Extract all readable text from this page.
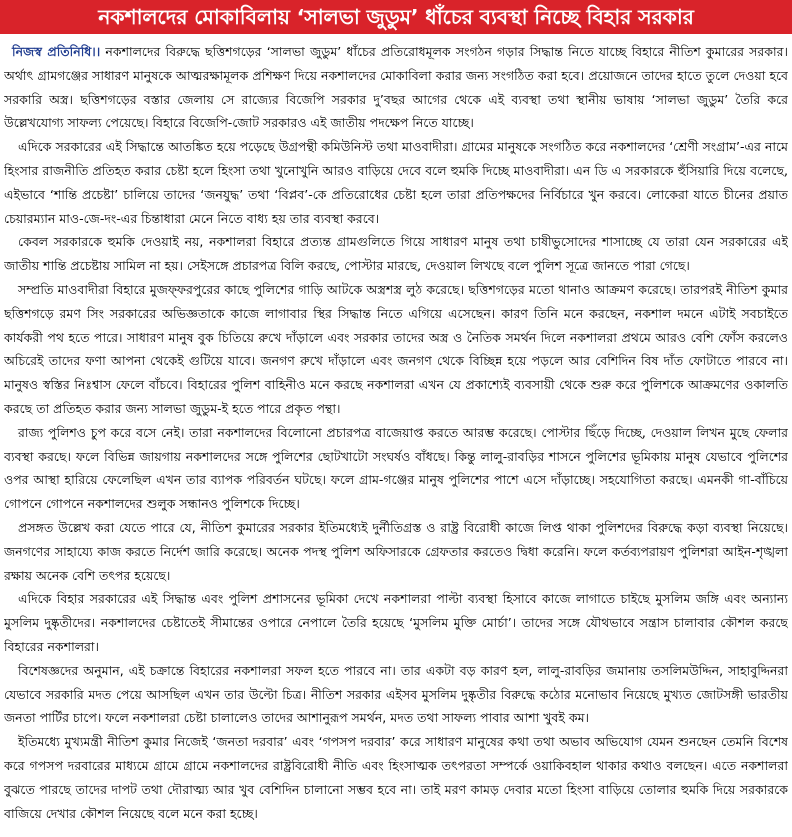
নকশালদের মোকাবিলায় ‘সালভা জুডুম’ ধাঁচের ব্যবস্থা নিচ্ছে বিহার সরকার

নিজস্ব প্রতিনিধি।। নকশালদের বিরুদ্ধে ছত্তিশগড়ের ‘সালভা জুডুম’ ধাঁচের প্রতিরোধমূলক সংগঠন গড়ার সিদ্ধান্ত নিতে যাচ্ছে বিহারে নীতিশ কুমারের সরকার। অর্থাৎ গ্রামগঞ্জের সাধারণ মানুষকে আত্মরক্ষামূলক প্রশিক্ষণ দিয়ে নকশালদের মোকাবিলা করার জন্য সংগঠিত করা হবে। প্রয়োজনে তাদের হাতে তুলে দেওয়া হবে সরকারি অস্ত্র। ছত্তিশগড়ের বস্তার জেলায় সে রাজ্যের বিজেপি সরকার দু’বছর আগের থেকে এই ব্যবস্থা তথা স্থানীয় ভাষায় ‘সালভা জুডুম’ তৈরি করে উল্লেখযোগ্য সাফল্য পেয়েছে। বিহারে বিজেপি-জোট সরকারও এই জাতীয় পদক্ষেপ নিতে যাচ্ছে।

এদিকে সরকারের এই সিদ্ধান্তে আতঙ্কিত হয়ে পড়েছে উগ্রপন্থী কমিউনিস্ট তথা মাওবাদীরা। গ্রামের মানুষকে সংগঠিত করে নকশালদের ‘শ্রেণী সংগ্রাম’-এর নামে হিংসার রাজনীতি প্রতিহত করার চেষ্টা হলে হিংসা তথা খুনোখুনি আরও বাড়িয়ে দেবে বলে হুমকি দিচ্ছে মাওবাদীরা। এন ডি এ সরকারকে হুঁসিয়ারি দিয়ে বলেছে, এইভাবে ‘শান্তি প্রচেষ্টা’ চালিয়ে তাদের ‘জনযুদ্ধ’ তথা ‘বিপ্লব’-কে প্রতিরোধের চেষ্টা হলে তারা প্রতিপক্ষদের নির্বিচারে খুন করবে। লোকেরা যাতে চীনের প্রয়াত চেয়ারম্যান মাও-জে-দং-এর চিন্তাধারা মেনে নিতে বাধ্য হয় তার ব্যবস্থা করবে।

কেবল সরকারকে হুমকি দেওয়াই নয়, নকশালরা বিহারে প্রত্যন্ত গ্রামগুলিতে গিয়ে সাধারণ মানুষ তথা চাষীভুসোদের শাসাচ্ছে যে তারা যেন সরকারের এই জাতীয় শান্তি প্রচেষ্টায় সামিল না হয়। সেইসঙ্গে প্রচারপত্র বিলি করছে, পোস্টার মারছে, দেওয়াল লিখছে বলে পুলিশ সূত্রে জানতে পারা গেছে।

সম্প্রতি মাওবাদীরা বিহারে মুজফ্ফরপুরের কাছে পুলিশের গাড়ি আটকে অস্ত্রশস্ত্র লুঠ করেছে। ছত্তিশগড়ের মতো থানাও আক্রমণ করেছে। তারপরই নীতিশ কুমার ছত্তিশগড়ে রমণ সিং সরকারের অভিজ্ঞতাকে কাজে লাগাবার স্থির সিদ্ধান্ত নিতে এগিয়ে এসেছেন। কারণ তিনি মনে করছেন, নকশাল দমনে এটাই সবচাইতে কার্যকরী পথ হতে পারে। সাধারণ মানুষ বুক চিতিয়ে রুখে দাঁড়ালে এবং সরকার তাদের অস্ত্র ও নৈতিক সমর্থন দিলে নকশালরা প্রথমে আরও বেশি ফোঁস করলেও অচিরেই তাদের ফণা আপনা থেকেই গুটিয়ে যাবে। জনগণ রুখে দাঁড়ালে এবং জনগণ থেকে বিচ্ছিন্ন হয়ে পড়লে আর বেশিদিন বিষ দাঁত ফোটাতে পারবে না। মানুষও স্বস্তির নিঃশ্বাস ফেলে বাঁচবে। বিহারের পুলিশ বাহিনীও মনে করছে নকশালরা এখন যে প্রকাশ্যেই ব্যবসায়ী থেকে শুরু করে পুলিশকে আক্রমণের ওকালতি করছে তা প্রতিহত করার জন্য সালভা জুডুম-ই হতে পারে প্রকৃত পন্থা।

রাজ্য পুলিশও চুপ করে বসে নেই। তারা নকশালদের বিলোনো প্রচারপত্র বাজেয়াপ্ত করতে আরম্ভ করেছে। পোস্টার ছিঁড়ে দিচ্ছে, দেওয়াল লিখন মুছে ফেলার ব্যবস্থা করছে। ফলে বিভিন্ন জায়গায় নকশালদের সঙ্গে পুলিশের ছোটখাটো সংঘর্ষও বাঁধছে। কিন্তু লালু-রাবড়ির শাসনে পুলিশের ভূমিকায় মানুষ যেভাবে পুলিশের ওপর আস্থা হারিয়ে ফেলেছিল এখন তার ব্যাপক পরিবর্তন ঘটছে। ফলে গ্রাম-গঞ্জের মানুষ পুলিশের পাশে এসে দাঁড়াচ্ছে। সহযোগিতা করছে। এমনকী গা-বাঁচিয়ে গোপনে গোপনে নকশালদের শুলুক সন্ধানও পুলিশকে দিচ্ছে।

প্রসঙ্গত উল্লেখ করা যেতে পারে যে, নীতিশ কুমারের সরকার ইতিমধ্যেই দুর্নীতিগ্রস্ত ও রাষ্ট্র বিরোধী কাজে লিপ্ত থাকা পুলিশদের বিরুদ্ধে কড়া ব্যবস্থা নিয়েছে। জনগণের সাহায্যে কাজ করতে নির্দেশ জারি করেছে। অনেক পদস্থ পুলিশ অফিসারকে গ্রেফতার করতেও দ্বিধা করেনি। ফলে কর্তব্যপরায়ণ পুলিশরা আইন-শৃঙ্খলা রক্ষায় অনেক বেশি তৎপর হয়েছে।

এদিকে বিহার সরকারের এই সিদ্ধান্ত এবং পুলিশ প্রশাসনের ভূমিকা দেখে নকশালরা পাল্টা ব্যবস্থা হিসাবে কাজে লাগাতে চাইছে মুসলিম জঙ্গি এবং অন্যান্য মুসলিম দুষ্কৃতীদের। নকশালদের চেষ্টাতেই সীমান্তের ওপারে নেপালে তৈরি হয়েছে ‘মুসলিম মুক্তি মোর্চা’। তাদের সঙ্গে যৌথভাবে সন্ত্রাস চালাবার কৌশল করছে বিহারের নকশালরা।

বিশেষজ্ঞদের অনুমান, এই চক্রান্তে বিহারের নকশালরা সফল হতে পারবে না। তার একটা বড় কারণ হল, লালু-রাবড়ির জমানায় তসলিমউদ্দিন, সাহাবুদ্দিনরা যেভাবে সরকারি মদত পেয়ে আসছিল এখন তার উল্টো চিত্র। নীতিশ সরকার এইসব মুসলিম দুষ্কৃতীর বিরুদ্ধে কঠোর মনোভাব নিয়েছে মুখ্যত জোটসঙ্গী ভারতীয় জনতা পার্টির চাপে। ফলে নকশালরা চেষ্টা চালালেও তাদের আশানুরূপ সমর্থন, মদত তথা সাফল্য পাবার আশা খুবই কম।

ইতিমধ্যে মুখ্যমন্ত্রী নীতিশ কুমার নিজেই ‘জনতা দরবার’ এবং ‘গপসপ দরবার’ করে সাধারণ মানুষের কথা তথা অভাব অভিযোগ যেমন শুনছেন তেমনি বিশেষ করে গপসপ দরবারের মাধ্যমে গ্রামে গ্রামে নকশালদের রাষ্ট্রবিরোধী নীতি এবং হিংসাত্মক তৎপরতা সম্পর্কে ওয়াকিবহাল থাকার কথাও বলছেন। এতে নকশালরা বুঝতে পারছে তাদের দাপট তথা দৌরাত্ম্য আর খুব বেশিদিন চালানো সম্ভব হবে না। তাই মরণ কামড় দেবার মতো হিংসা বাড়িয়ে তোলার হুমকি দিয়ে সরকারকে বাজিয়ে দেখার কৌশল নিয়েছে বলে মনে করা হচ্ছে।
